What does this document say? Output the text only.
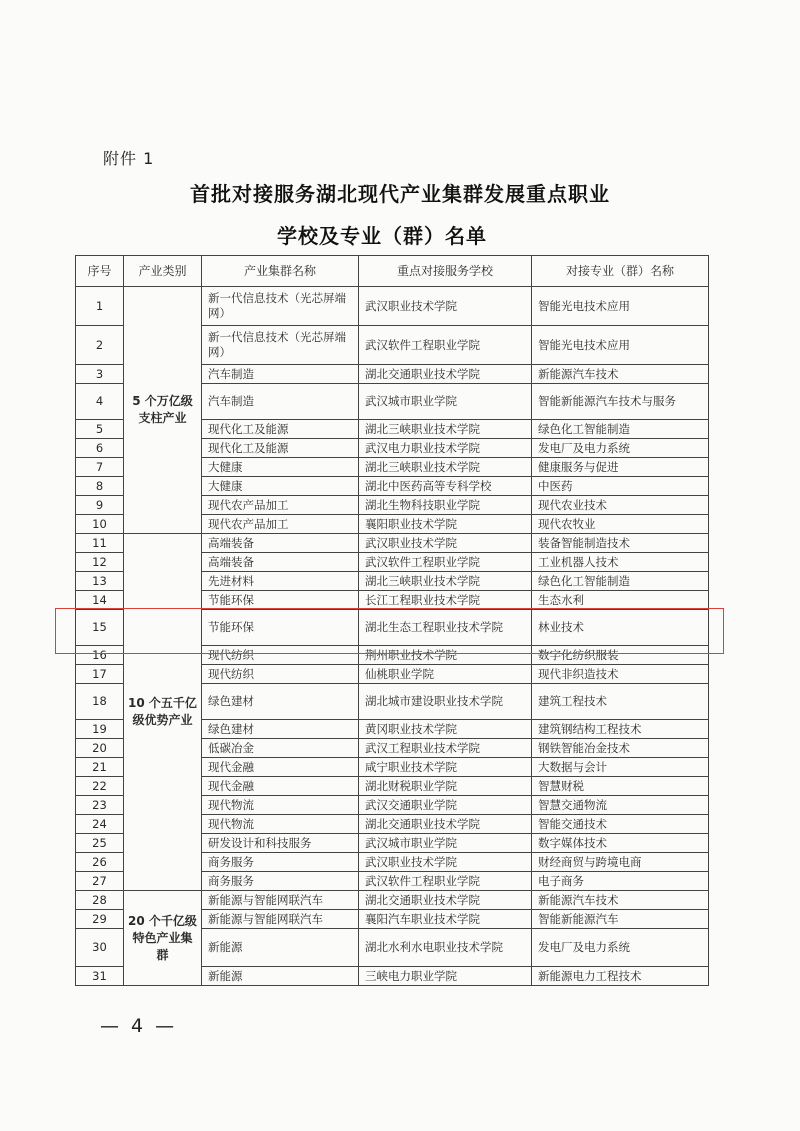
附件 1
首批对接服务湖北现代产业集群发展重点职业
学校及专业（群）名单
序号	产业类别	产业集群名称	重点对接服务学校	对接专业（群）名称
1	5 个万亿级支柱产业	新一代信息技术（光芯屏端网）	武汉职业技术学院	智能光电技术应用
2		新一代信息技术（光芯屏端网）	武汉软件工程职业学院	智能光电技术应用
3		汽车制造	湖北交通职业技术学院	新能源汽车技术
4		汽车制造	武汉城市职业学院	智能新能源汽车技术与服务
5		现代化工及能源	湖北三峡职业技术学院	绿色化工智能制造
6		现代化工及能源	武汉电力职业技术学院	发电厂及电力系统
7		大健康	湖北三峡职业技术学院	健康服务与促进
8		大健康	湖北中医药高等专科学校	中医药
9		现代农产品加工	湖北生物科技职业学院	现代农业技术
10		现代农产品加工	襄阳职业技术学院	现代农牧业
11	10 个五千亿级优势产业	高端装备	武汉职业技术学院	装备智能制造技术
12		高端装备	武汉软件工程职业学院	工业机器人技术
13		先进材料	湖北三峡职业技术学院	绿色化工智能制造
14		节能环保	长江工程职业技术学院	生态水利
15		节能环保	湖北生态工程职业技术学院	林业技术
16		现代纺织	荆州职业技术学院	数字化纺织服装
17		现代纺织	仙桃职业学院	现代非织造技术
18		绿色建材	湖北城市建设职业技术学院	建筑工程技术
19		绿色建材	黄冈职业技术学院	建筑钢结构工程技术
20		低碳冶金	武汉工程职业技术学院	钢铁智能冶金技术
21		现代金融	咸宁职业技术学院	大数据与会计
22		现代金融	湖北财税职业学院	智慧财税
23		现代物流	武汉交通职业学院	智慧交通物流
24		现代物流	湖北交通职业技术学院	智能交通技术
25		研发设计和科技服务	武汉城市职业学院	数字媒体技术
26		商务服务	武汉职业技术学院	财经商贸与跨境电商
27		商务服务	武汉软件工程职业学院	电子商务
28	20 个千亿级特色产业集群	新能源与智能网联汽车	湖北交通职业技术学院	新能源汽车技术
29		新能源与智能网联汽车	襄阳汽车职业技术学院	智能新能源汽车
30		新能源	湖北水利水电职业技术学院	发电厂及电力系统
31		新能源	三峡电力职业学院	新能源电力工程技术
— 4 —
